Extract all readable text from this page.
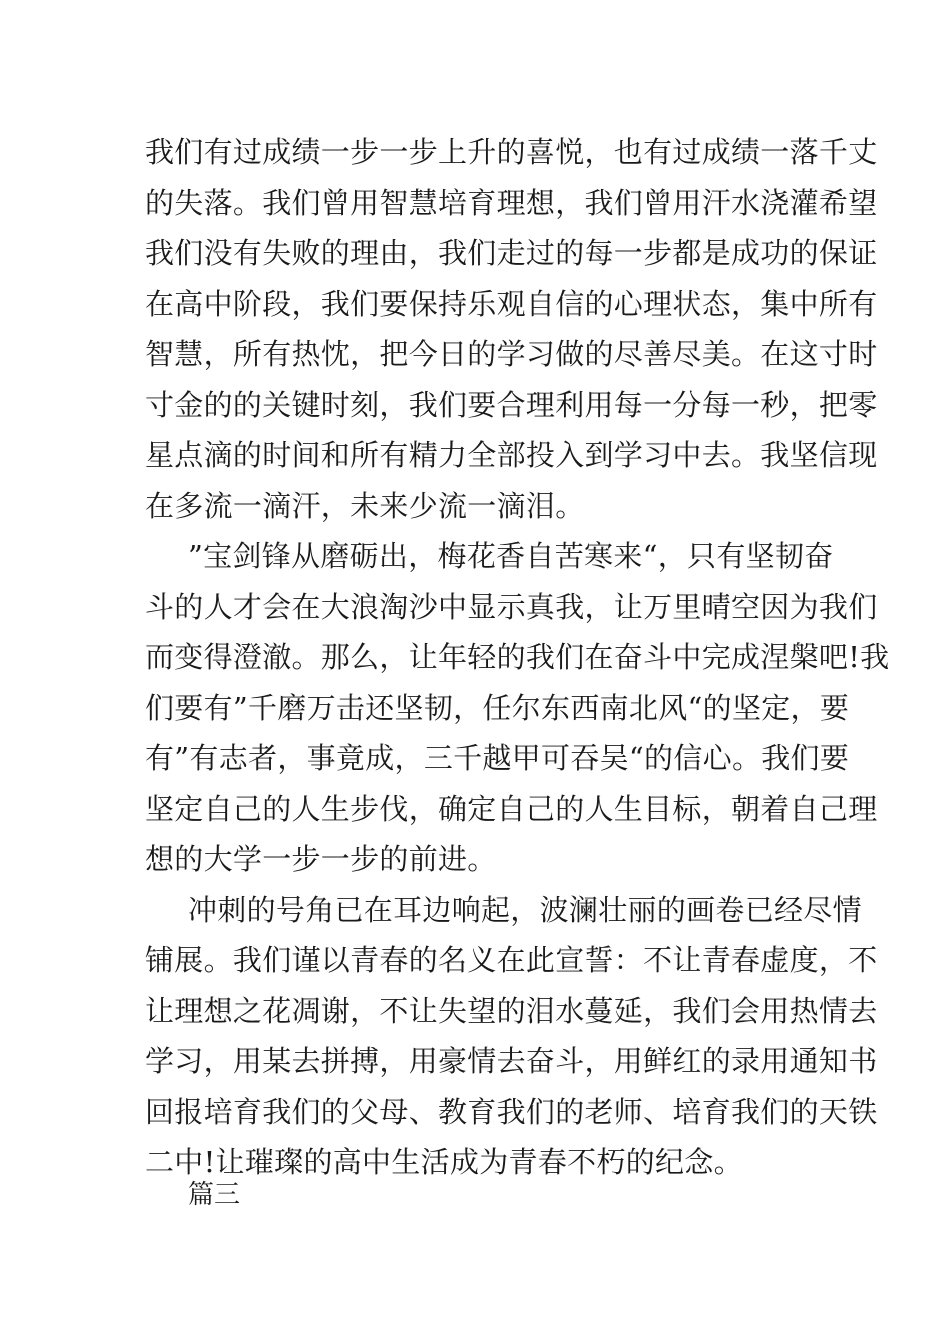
我们有过成绩一步一步上升的喜悦，也有过成绩一落千丈
的失落。我们曾用智慧培育理想，我们曾用汗水浇灌希望
我们没有失败的理由，我们走过的每一步都是成功的保证
在高中阶段，我们要保持乐观自信的心理状态，集中所有
智慧，所有热忱，把今日的学习做的尽善尽美。在这寸时
寸金的的关键时刻，我们要合理利用每一分每一秒，把零
星点滴的时间和所有精力全部投入到学习中去。我坚信现
在多流一滴汗，未来少流一滴泪。
”宝剑锋从磨砺出，梅花香自苦寒来“，只有坚韧奋
斗的人才会在大浪淘沙中显示真我，让万里晴空因为我们
而变得澄澈。那么，让年轻的我们在奋斗中完成涅槃吧!我
们要有”千磨万击还坚韧，任尔东西南北风“的坚定，要
有”有志者，事竟成，三千越甲可吞吴“的信心。我们要
坚定自己的人生步伐，确定自己的人生目标，朝着自己理
想的大学一步一步的前进。
冲刺的号角已在耳边响起，波澜壮丽的画卷已经尽情
铺展。我们谨以青春的名义在此宣誓：不让青春虚度，不
让理想之花凋谢，不让失望的泪水蔓延，我们会用热情去
学习，用某去拼搏，用豪情去奋斗，用鲜红的录用通知书
回报培育我们的父母、教育我们的老师、培育我们的天铁
二中!让璀璨的高中生活成为青春不朽的纪念。
篇三
